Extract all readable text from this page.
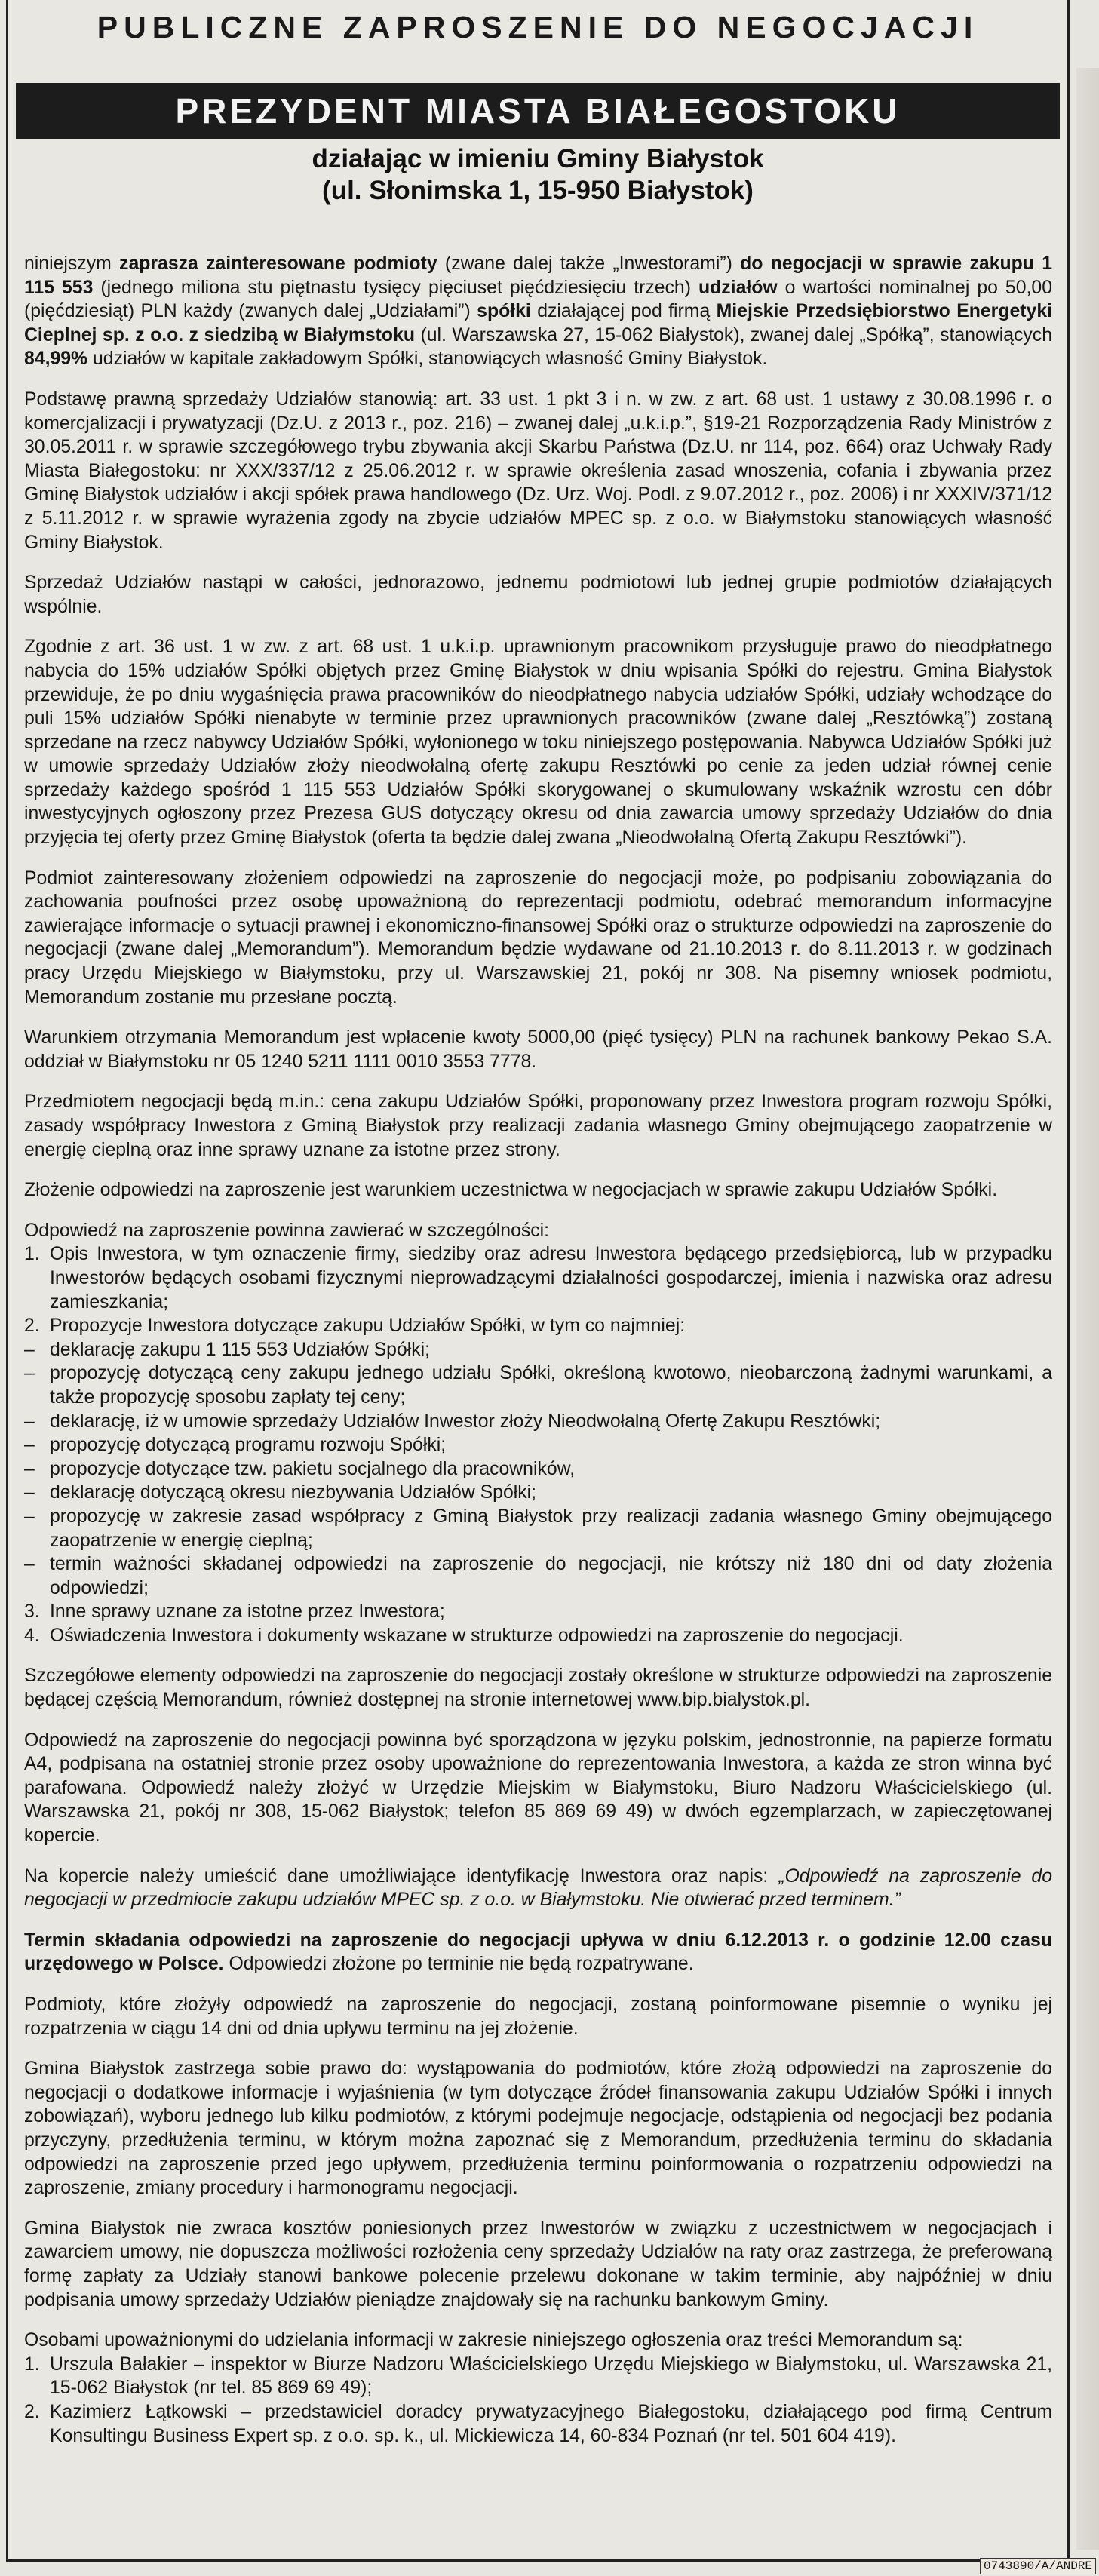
PUBLICZNE ZAPROSZENIE DO NEGOCJACJI
PREZYDENT MIASTA BIAŁEGOSTOKU
działając w imieniu Gminy Białystok
(ul. Słonimska 1, 15-950 Białystok)

niniejszym zaprasza zainteresowane podmioty (zwane dalej także „Inwestorami”) do negocjacji w sprawie zakupu 1 115 553 (jednego miliona stu piętnastu tysięcy pięciuset pięćdziesięciu trzech) udziałów o wartości nominalnej po 50,00 (pięćdziesiąt) PLN każdy (zwanych dalej „Udziałami”) spółki działającej pod firmą Miejskie Przedsiębiorstwo Energetyki Cieplnej sp. z o.o. z siedzibą w Białymstoku (ul. Warszawska 27, 15-062 Białystok), zwanej dalej „Spółką”, stanowiących 84,99% udziałów w kapitale zakładowym Spółki, stanowiących własność Gminy Białystok.

Podstawę prawną sprzedaży Udziałów stanowią: art. 33 ust. 1 pkt 3 i n. w zw. z art. 68 ust. 1 ustawy z 30.08.1996 r. o komercjalizacji i prywatyzacji (Dz.U. z 2013 r., poz. 216) – zwanej dalej „u.k.i.p.”, §19-21 Rozporządzenia Rady Ministrów z 30.05.2011 r. w sprawie szczegółowego trybu zbywania akcji Skarbu Państwa (Dz.U. nr 114, poz. 664) oraz Uchwały Rady Miasta Białegostoku: nr XXX/337/12 z 25.06.2012 r. w sprawie określenia zasad wnoszenia, cofania i zbywania przez Gminę Białystok udziałów i akcji spółek prawa handlowego (Dz. Urz. Woj. Podl. z 9.07.2012 r., poz. 2006) i nr XXXIV/371/12 z 5.11.2012 r. w sprawie wyrażenia zgody na zbycie udziałów MPEC sp. z o.o. w Białymstoku stanowiących własność Gminy Białystok.

Sprzedaż Udziałów nastąpi w całości, jednorazowo, jednemu podmiotowi lub jednej grupie podmiotów działających wspólnie.

Zgodnie z art. 36 ust. 1 w zw. z art. 68 ust. 1 u.k.i.p. uprawnionym pracownikom przysługuje prawo do nieodpłatnego nabycia do 15% udziałów Spółki objętych przez Gminę Białystok w dniu wpisania Spółki do rejestru. Gmina Białystok przewiduje, że po dniu wygaśnięcia prawa pracowników do nieodpłatnego nabycia udziałów Spółki, udziały wchodzące do puli 15% udziałów Spółki nienabyte w terminie przez uprawnionych pracowników (zwane dalej „Resztówką”) zostaną sprzedane na rzecz nabywcy Udziałów Spółki, wyłonionego w toku niniejszego postępowania. Nabywca Udziałów Spółki już w umowie sprzedaży Udziałów złoży nieodwołalną ofertę zakupu Resztówki po cenie za jeden udział równej cenie sprzedaży każdego spośród 1 115 553 Udziałów Spółki skorygowanej o skumulowany wskaźnik wzrostu cen dóbr inwestycyjnych ogłoszony przez Prezesa GUS dotyczący okresu od dnia zawarcia umowy sprzedaży Udziałów do dnia przyjęcia tej oferty przez Gminę Białystok (oferta ta będzie dalej zwana „Nieodwołalną Ofertą Zakupu Resztówki”).

Podmiot zainteresowany złożeniem odpowiedzi na zaproszenie do negocjacji może, po podpisaniu zobowiązania do zachowania poufności przez osobę upoważnioną do reprezentacji podmiotu, odebrać memorandum informacyjne zawierające informacje o sytuacji prawnej i ekonomiczno-finansowej Spółki oraz o strukturze odpowiedzi na zaproszenie do negocjacji (zwane dalej „Memorandum”). Memorandum będzie wydawane od 21.10.2013 r. do 8.11.2013 r. w godzinach pracy Urzędu Miejskiego w Białymstoku, przy ul. Warszawskiej 21, pokój nr 308. Na pisemny wniosek podmiotu, Memorandum zostanie mu przesłane pocztą.

Warunkiem otrzymania Memorandum jest wpłacenie kwoty 5000,00 (pięć tysięcy) PLN na rachunek bankowy Pekao S.A. oddział w Białymstoku nr 05 1240 5211 1111 0010 3553 7778.

Przedmiotem negocjacji będą m.in.: cena zakupu Udziałów Spółki, proponowany przez Inwestora program rozwoju Spółki, zasady współpracy Inwestora z Gminą Białystok przy realizacji zadania własnego Gminy obejmującego zaopatrzenie w energię cieplną oraz inne sprawy uznane za istotne przez strony.

Złożenie odpowiedzi na zaproszenie jest warunkiem uczestnictwa w negocjacjach w sprawie zakupu Udziałów Spółki.

Odpowiedź na zaproszenie powinna zawierać w szczególności:
1. Opis Inwestora, w tym oznaczenie firmy, siedziby oraz adresu Inwestora będącego przedsiębiorcą, lub w przypadku Inwestorów będących osobami fizycznymi nieprowadzącymi działalności gospodarczej, imienia i nazwiska oraz adresu zamieszkania;
2. Propozycje Inwestora dotyczące zakupu Udziałów Spółki, w tym co najmniej:
– deklarację zakupu 1 115 553 Udziałów Spółki;
– propozycję dotyczącą ceny zakupu jednego udziału Spółki, określoną kwotowo, nieobarczoną żadnymi warunkami, a także propozycję sposobu zapłaty tej ceny;
– deklarację, iż w umowie sprzedaży Udziałów Inwestor złoży Nieodwołalną Ofertę Zakupu Resztówki;
– propozycję dotyczącą programu rozwoju Spółki;
– propozycje dotyczące tzw. pakietu socjalnego dla pracowników,
– deklarację dotyczącą okresu niezbywania Udziałów Spółki;
– propozycję w zakresie zasad współpracy z Gminą Białystok przy realizacji zadania własnego Gminy obejmującego zaopatrzenie w energię cieplną;
– termin ważności składanej odpowiedzi na zaproszenie do negocjacji, nie krótszy niż 180 dni od daty złożenia odpowiedzi;
3. Inne sprawy uznane za istotne przez Inwestora;
4. Oświadczenia Inwestora i dokumenty wskazane w strukturze odpowiedzi na zaproszenie do negocjacji.

Szczegółowe elementy odpowiedzi na zaproszenie do negocjacji zostały określone w strukturze odpowiedzi na zaproszenie będącej częścią Memorandum, również dostępnej na stronie internetowej www.bip.bialystok.pl.

Odpowiedź na zaproszenie do negocjacji powinna być sporządzona w języku polskim, jednostronnie, na papierze formatu A4, podpisana na ostatniej stronie przez osoby upoważnione do reprezentowania Inwestora, a każda ze stron winna być parafowana. Odpowiedź należy złożyć w Urzędzie Miejskim w Białymstoku, Biuro Nadzoru Właścicielskiego (ul. Warszawska 21, pokój nr 308, 15-062 Białystok; telefon 85 869 69 49) w dwóch egzemplarzach, w zapieczętowanej kopercie.

Na kopercie należy umieścić dane umożliwiające identyfikację Inwestora oraz napis: „Odpowiedź na zaproszenie do negocjacji w przedmiocie zakupu udziałów MPEC sp. z o.o. w Białymstoku. Nie otwierać przed terminem.”

Termin składania odpowiedzi na zaproszenie do negocjacji upływa w dniu 6.12.2013 r. o godzinie 12.00 czasu urzędowego w Polsce. Odpowiedzi złożone po terminie nie będą rozpatrywane.

Podmioty, które złożyły odpowiedź na zaproszenie do negocjacji, zostaną poinformowane pisemnie o wyniku jej rozpatrzenia w ciągu 14 dni od dnia upływu terminu na jej złożenie.

Gmina Białystok zastrzega sobie prawo do: wystąpowania do podmiotów, które złożą odpowiedzi na zaproszenie do negocjacji o dodatkowe informacje i wyjaśnienia (w tym dotyczące źródeł finansowania zakupu Udziałów Spółki i innych zobowiązań), wyboru jednego lub kilku podmiotów, z którymi podejmuje negocjacje, odstąpienia od negocjacji bez podania przyczyny, przedłużenia terminu, w którym można zapoznać się z Memorandum, przedłużenia terminu do składania odpowiedzi na zaproszenie przed jego upływem, przedłużenia terminu poinformowania o rozpatrzeniu odpowiedzi na zaproszenie, zmiany procedury i harmonogramu negocjacji.

Gmina Białystok nie zwraca kosztów poniesionych przez Inwestorów w związku z uczestnictwem w negocjacjach i zawarciem umowy, nie dopuszcza możliwości rozłożenia ceny sprzedaży Udziałów na raty oraz zastrzega, że preferowaną formę zapłaty za Udziały stanowi bankowe polecenie przelewu dokonane w takim terminie, aby najpóźniej w dniu podpisania umowy sprzedaży Udziałów pieniądze znajdowały się na rachunku bankowym Gminy.

Osobami upoważnionymi do udzielania informacji w zakresie niniejszego ogłoszenia oraz treści Memorandum są:
1. Urszula Bałakier – inspektor w Biurze Nadzoru Właścicielskiego Urzędu Miejskiego w Białymstoku, ul. Warszawska 21, 15-062 Białystok (nr tel. 85 869 69 49);
2. Kazimierz Łątkowski – przedstawiciel doradcy prywatyzacyjnego Białegostoku, działającego pod firmą Centrum Konsultingu Business Expert sp. z o.o. sp. k., ul. Mickiewicza 14, 60-834 Poznań (nr tel. 501 604 419).
0743890/A/ANDRE
